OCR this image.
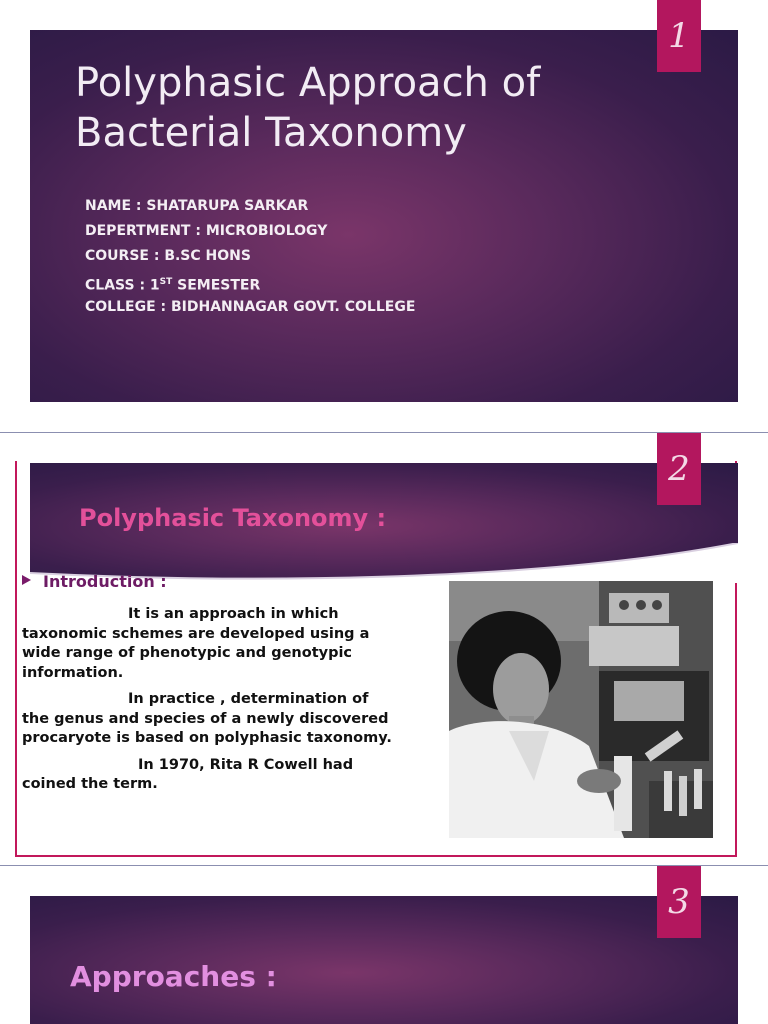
1
Polyphasic Approach of
Bacterial Taxonomy
NAME : SHATARUPA SARKAR
DEPERTMENT : MICROBIOLOGY
COURSE : B.SC HONS
CLASS : 1ST SEMESTER
COLLEGE : BIDHANNAGAR GOVT. COLLEGE
2
Polyphasic Taxonomy :
Introduction :

It is an approach in which taxonomic schemes are developed using a wide range of phenotypic and genotypic information.

In practice , determination of the genus and species of a newly discovered procaryote is based on polyphasic taxonomy.

In 1970, Rita R Cowell had coined the term.

3
Approaches :
